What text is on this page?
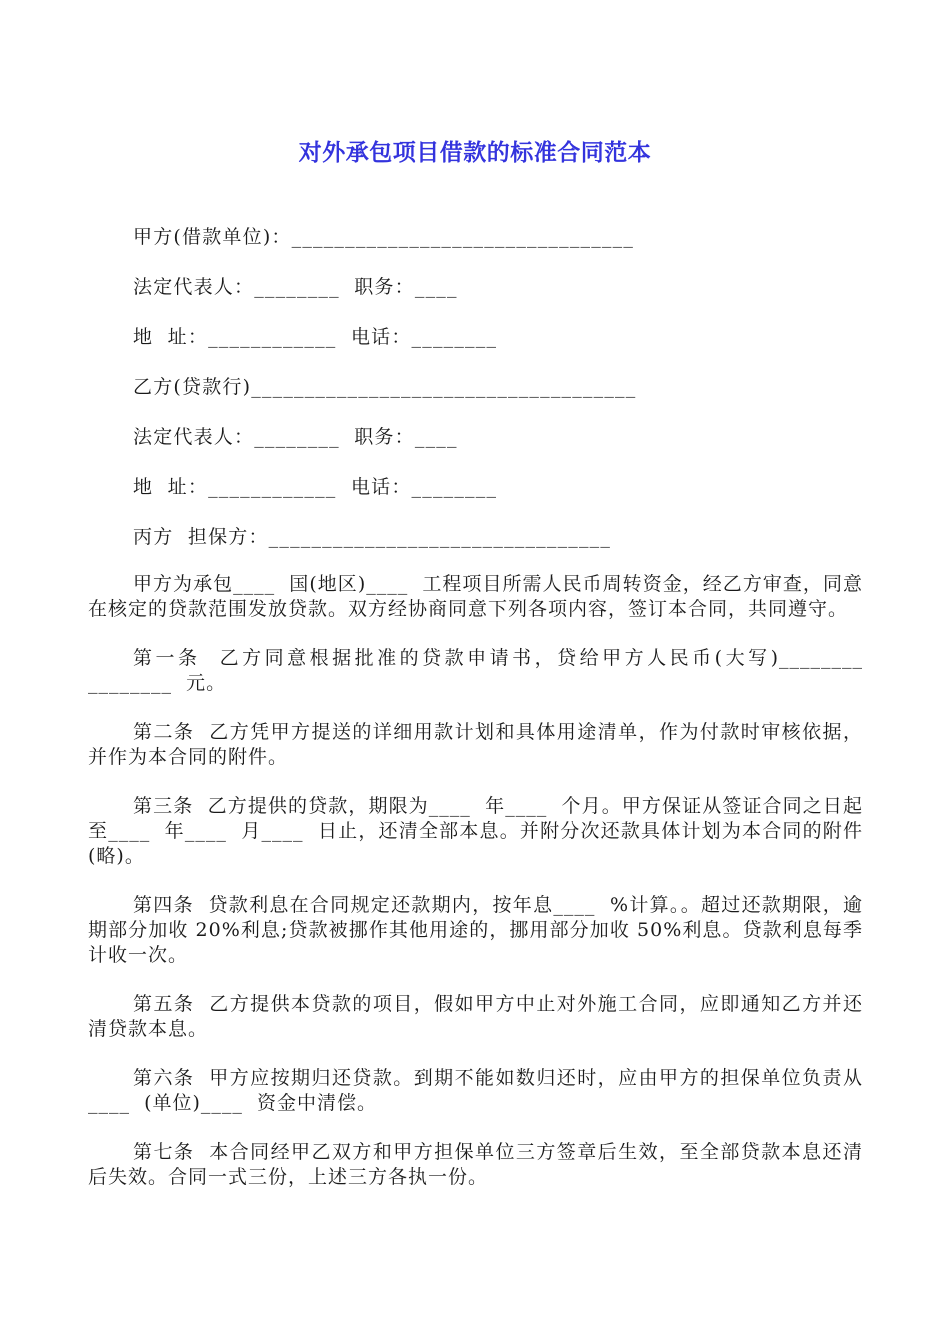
对外承包项目借款的标准合同范本
甲方(借款单位)：________________________________
法定代表人：________  职务：____
地  址：____________  电话：________
乙方(贷款行)____________________________________
法定代表人：________  职务：____
地  址：____________  电话：________
丙方  担保方：________________________________

甲方为承包____  国(地区)____  工程项目所需人民币周转资金，经乙方审查，同意在核定的贷款范围发放贷款。双方经协商同意下列各项内容，签订本合同，共同遵守。

第一条  乙方同意根据批准的贷款申请书，贷给甲方人民币(大写)________ ________  元。

第二条  乙方凭甲方提送的详细用款计划和具体用途清单，作为付款时审核依据，并作为本合同的附件。

第三条  乙方提供的贷款，期限为____  年____  个月。甲方保证从签证合同之日起至____  年____  月____  日止，还清全部本息。并附分次还款具体计划为本合同的附件(略)。

第四条  贷款利息在合同规定还款期内，按年息____  %计算。。超过还款期限，逾期部分加收 20%利息;贷款被挪作其他用途的，挪用部分加收 50%利息。贷款利息每季计收一次。

第五条  乙方提供本贷款的项目，假如甲方中止对外施工合同，应即通知乙方并还清贷款本息。

第六条  甲方应按期归还贷款。到期不能如数归还时，应由甲方的担保单位负责从____  (单位)____  资金中清偿。

第七条  本合同经甲乙双方和甲方担保单位三方签章后生效，至全部贷款本息还清后失效。合同一式三份，上述三方各执一份。
